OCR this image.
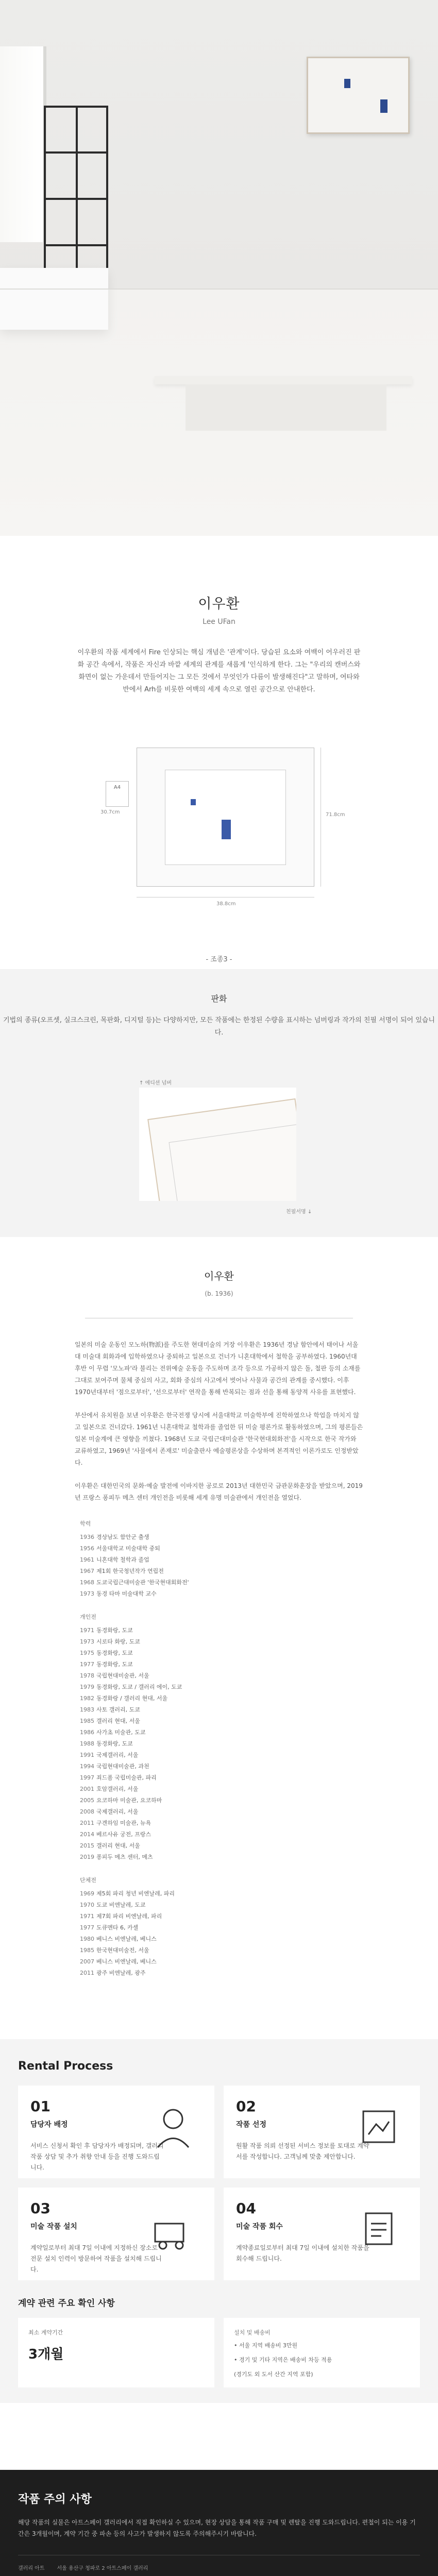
이우환
Lee UFan
이우환의 작품 세계에서 Fire 인상되는 핵심 개념은 '관계'이다. 당습된 요소와 여백이 어우러진 판화 공간 속에서, 작품은 자신과 바깥 세계의 관계를 새롭게 '인식하게 한다. 그는 "우리의 캔버스와 화면이 없는 가운데서 만들어지는 그 모든 것에서 무엇인가 다름이 발생해진다"고 말하며, 여타와 반에서 Arh를 비롯한 여백의 세계 속으로 열린 공간으로 안내한다.
A4
30.7cm	71.8cm
38.8cm
- 조종3 -
판화
기법의 종류(오프셋, 실크스크린, 목판화, 디지털 등)는 다양하지만, 모든 작품에는 한정된 수량을 표시하는 넘버링과 작가의 친필 서명이 되어 있습니다.
↑ 에디션 넘버
친필서명 ↓
이우환
(b. 1936)

일본의 미술 운동인 모노하(物派)를 주도한 현대미술의 거장 이우환은 1936년 경남 함안에서 태어나 서울대 미술대 회화과에 입학하였으나 중퇴하고 일본으로 건너가 니혼대학에서 철학을 공부하였다. 1960년대 후반 이 무렵 '모노파'라 불리는 전위예술 운동을 주도하며 조각 등으로 가공하지 않은 돌, 철판 등의 소재를 그대로 보여주며 물체 중심의 사고, 회화 중심의 사고에서 벗어나 사물과 공간의 관계를 중시했다. 이후 1970년대부터 '점으로부터', '선으로부터' 연작을 통해 반복되는 점과 선을 통해 동양적 사유를 표현했다.

부산에서 유치원을 보낸 이우환은 한국전쟁 당시에 서울대학교 미술학부에 진학하였으나 학업을 마치지 않고 일본으로 건너갔다. 1961년 니혼대학교 철학과를 졸업한 뒤 미술 평론가로 활동하였으며, 그의 평론들은 일본 미술계에 큰 영향을 끼쳤다. 1968년 도쿄 국립근대미술관 '한국현대회화전'을 시작으로 한국 작가와 교류하였고, 1969년 '사물에서 존재로' 미술출판사 예술평론상을 수상하며 본격적인 이론가로도 인정받았다.

이우환은 대한민국의 문화·예술 발전에 이바지한 공로로 2013년 대한민국 금관문화훈장을 받았으며, 2019년 프랑스 퐁피두 메츠 센터 개인전을 비롯해 세계 유명 미술관에서 개인전을 열었다.

학력
1936 경상남도 함안군 출생
1956 서울대학교 미술대학 중퇴
1961 니혼대학 철학과 졸업
1967 제1회 한국청년작가 연립전
1968 도쿄국립근대미술관 '한국현대회화전'
1973 동경 타마 미술대학 교수
개인전
1971 동경화랑, 도쿄
1973 시로타 화랑, 도쿄
1975 동경화랑, 도쿄
1977 동경화랑, 도쿄
1978 국립현대미술관, 서울
1979 동경화랑, 도쿄 / 갤러리 에이, 도쿄
1982 동경화랑 / 갤러리 현대, 서울
1983 사토 갤러리, 도쿄
1985 갤러리 현대, 서울
1986 사가초 미술관, 도쿄
1988 동경화랑, 도쿄
1991 국제갤러리, 서울
1994 국립현대미술관, 과천
1997 죄드폼 국립미술관, 파리
2001 호암갤러리, 서울
2005 요코하마 미술관, 요코하마
2008 국제갤러리, 서울
2011 구겐하임 미술관, 뉴욕
2014 베르사유 궁전, 프랑스
2015 갤러리 현대, 서울
2019 퐁피두 메츠 센터, 메츠
단체전
1969 제5회 파리 청년 비엔날레, 파리
1970 도쿄 비엔날레, 도쿄
1971 제7회 파리 비엔날레, 파리
1977 도큐멘타 6, 카셀
1980 베니스 비엔날레, 베니스
1985 한국현대미술전, 서울
2007 베니스 비엔날레, 베니스
2011 광주 비엔날레, 광주
Rental Process
01
담당자 배정
서비스 신청서 확인 후 담당자가 배정되며, 갤러리 작품 상담 및 추가 취향 안내 등을 진행 도와드립니다.
02
작품 선정
원활 작품 의뢰 선정된 서비스 정보를 토대로 계약서를 작성합니다. 고객님께 맞춤 제안합니다.
03
미술 작품 설치
계약일로부터 최대 7일 이내에 지정하신 장소로 전문 설치 인력이 방문하여 작품을 설치해 드립니다.
04
미술 작품 회수
계약종료일로부터 최대 7일 이내에 설치한 작품을 회수해 드립니다.
계약 관련 주요 확인 사항
최소 계약기간
3개월
설치 및 배송비
• 서울 지역 배송비 3만원
• 경기 및 기타 지역은 배송비 차등 적용
(경기도 외 도서 산간 지역 포함)
작품 주의 사항

해당 작품의 실물은 아트스페이 갤러리에서 직접 확인하실 수 있으며, 현장 상담을 통해 작품 구매 및 렌탈을 진행 도와드립니다. 편철이 되는 이용 기간은 3개월이며, 계약 기간 중 파손 등의 사고가 발생하지 않도록 주의해주시기 바랍니다.

갤러리 아트 서울 용산구 청파로 2 아트스페이 갤러리
